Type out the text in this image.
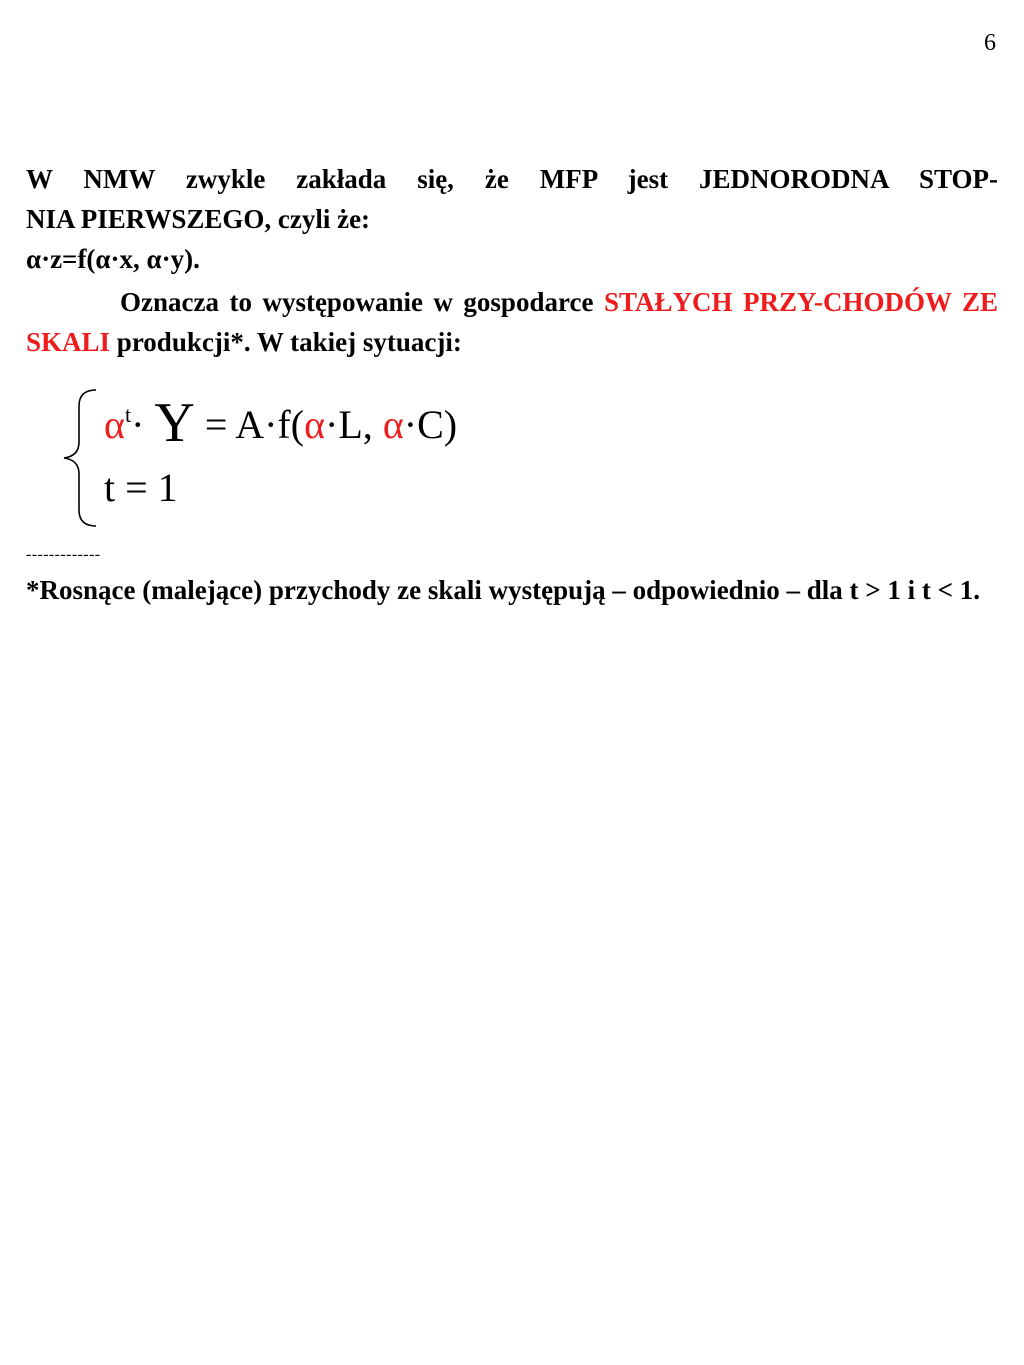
6
W NMW zwykle zakłada się, że MFP jest JEDNORODNA STOP-
NIA PIERWSZEGO, czyli że:
α·z=f(α·x, α·y).
Oznacza to występowanie w gospodarce STAŁYCH PRZY-CHODÓW ZE SKALI produkcji*. W takiej sytuacji:
$\alpha^t\cdot Y = A\cdot f(\alpha\cdot L$, α·C)
t = 1
-------------
*Rosnące (malejące) przychody ze skali występują – odpowiednio – dla t > 1 i t < 1.
